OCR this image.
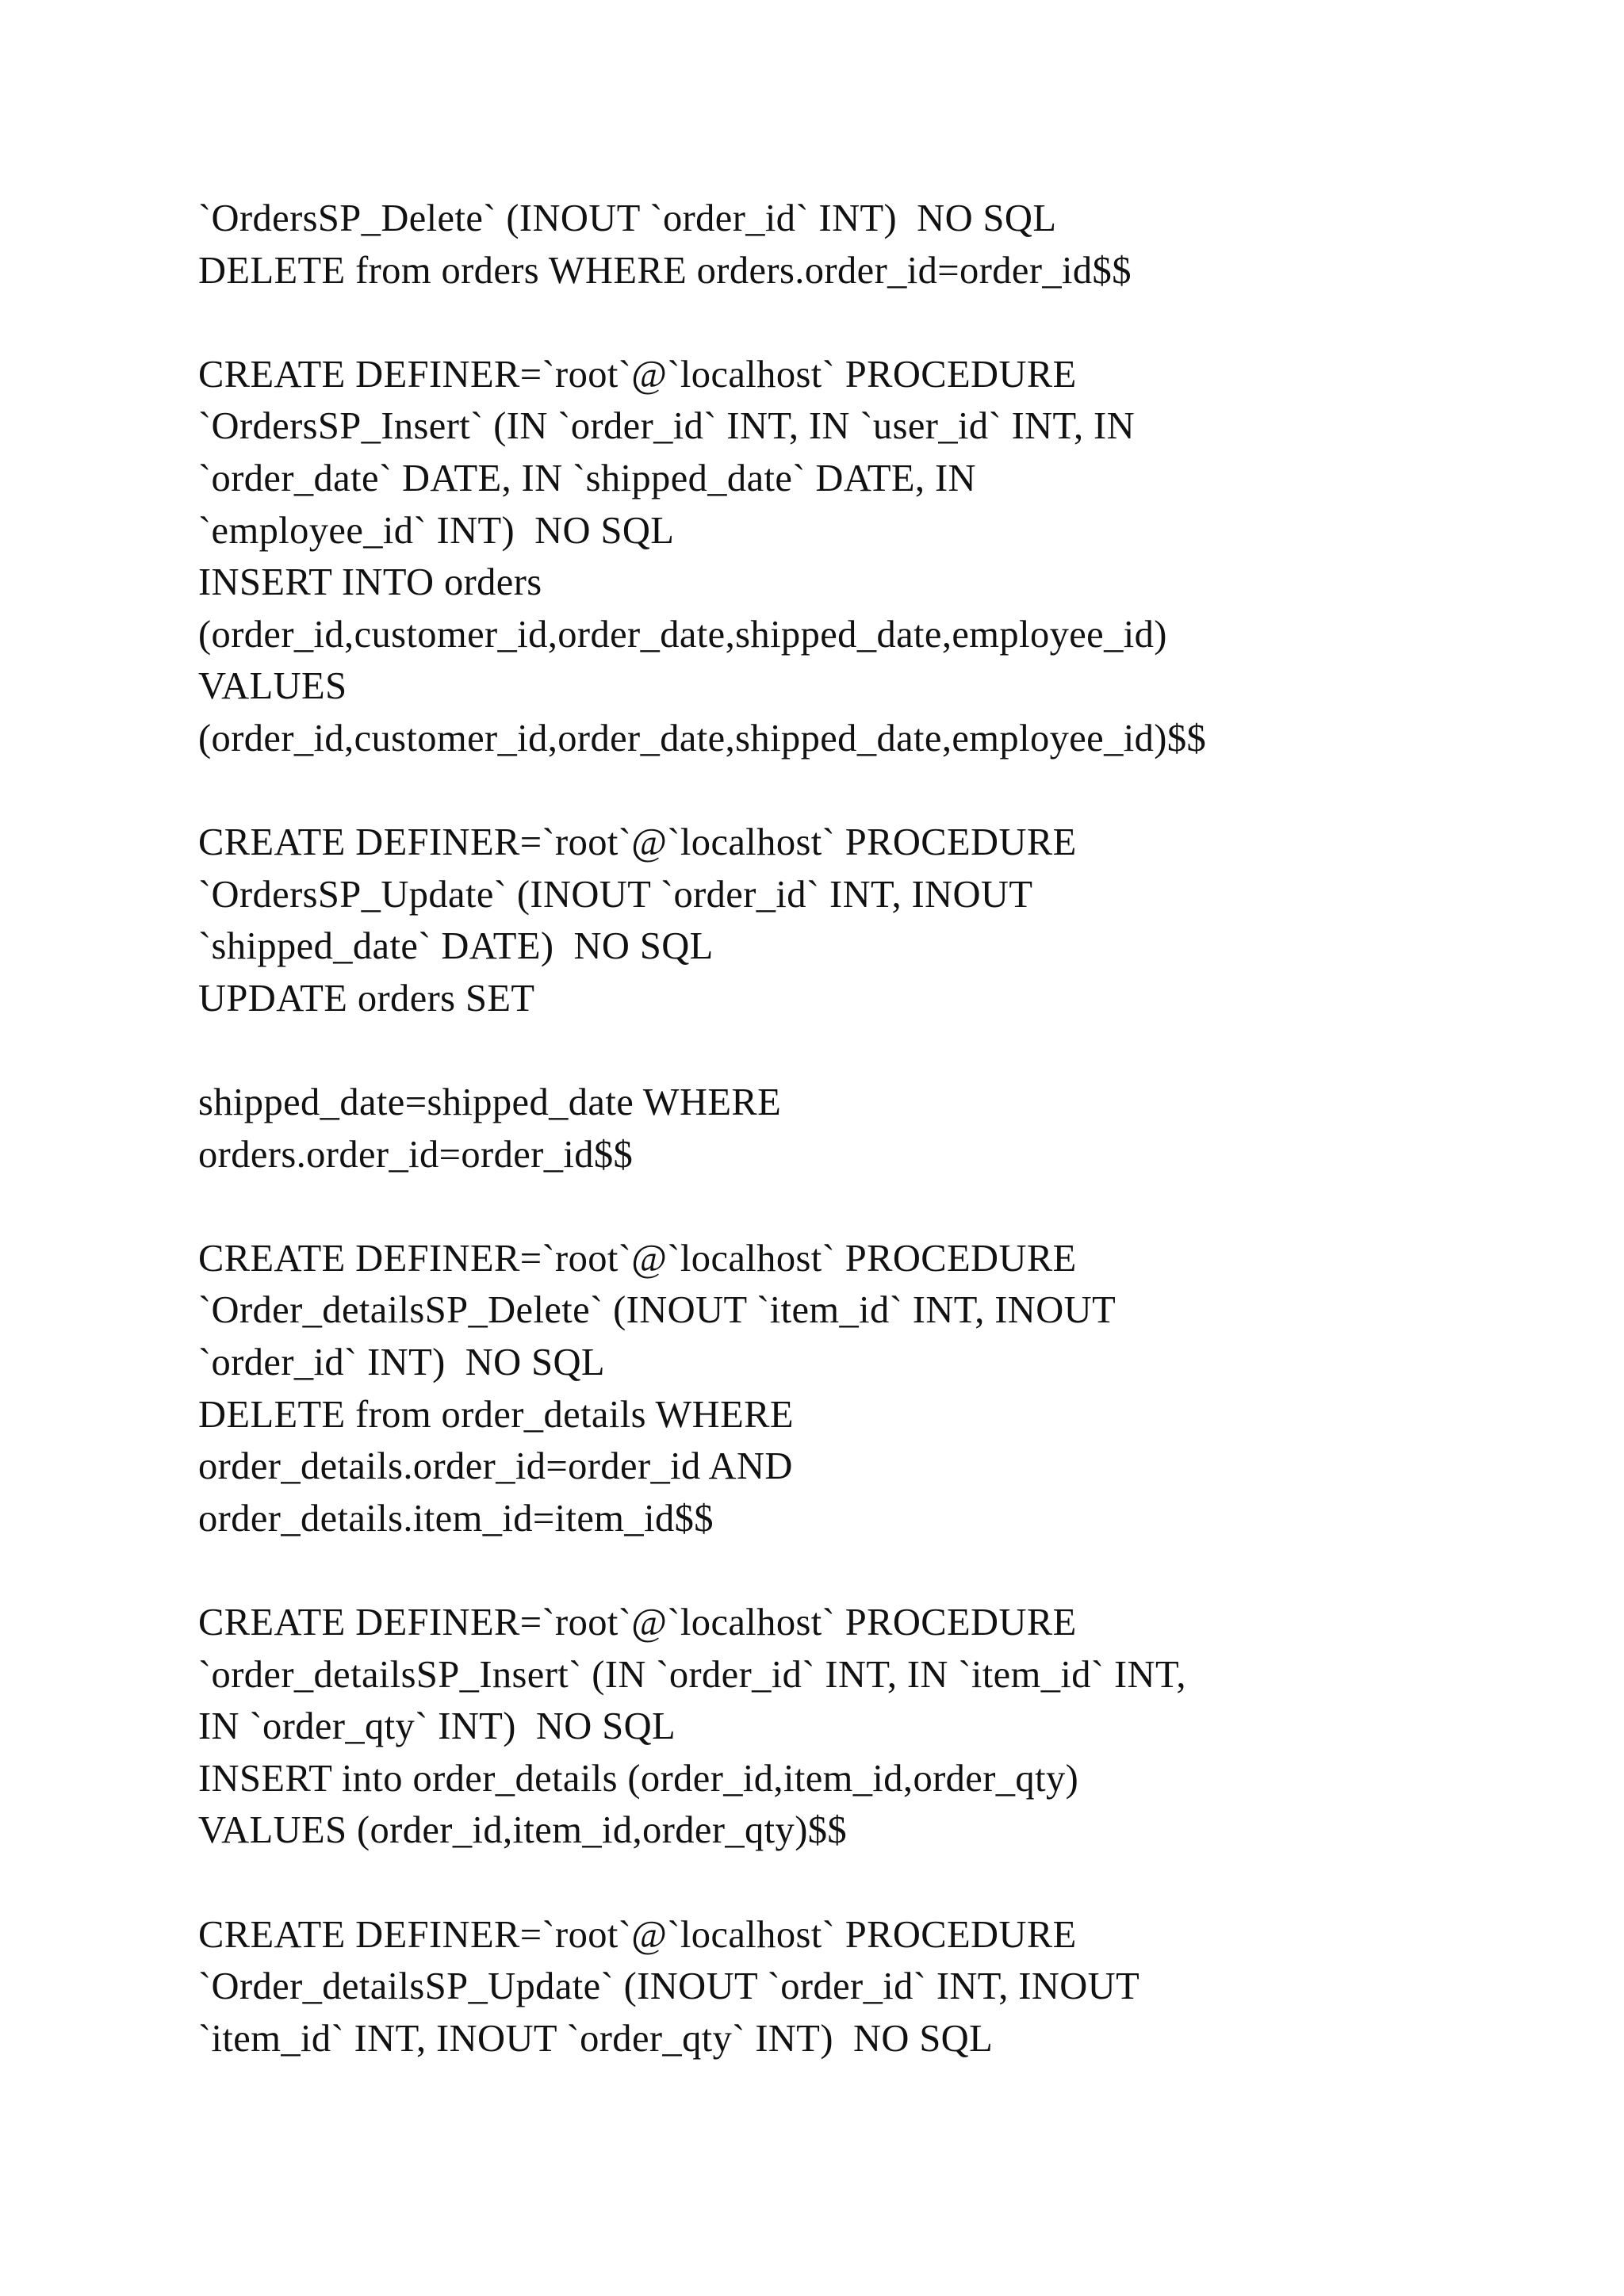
`OrdersSP_Delete` (INOUT `order_id` INT)  NO SQL
DELETE from orders WHERE orders.order_id=order_id$$
CREATE DEFINER=`root`@`localhost` PROCEDURE
`OrdersSP_Insert` (IN `order_id` INT, IN `user_id` INT, IN
`order_date` DATE, IN `shipped_date` DATE, IN
`employee_id` INT)  NO SQL
INSERT INTO orders
(order_id,customer_id,order_date,shipped_date,employee_id)
VALUES
(order_id,customer_id,order_date,shipped_date,employee_id)$$
CREATE DEFINER=`root`@`localhost` PROCEDURE
`OrdersSP_Update` (INOUT `order_id` INT, INOUT
`shipped_date` DATE)  NO SQL
UPDATE orders SET
shipped_date=shipped_date WHERE
orders.order_id=order_id$$
CREATE DEFINER=`root`@`localhost` PROCEDURE
`Order_detailsSP_Delete` (INOUT `item_id` INT, INOUT
`order_id` INT)  NO SQL
DELETE from order_details WHERE
order_details.order_id=order_id AND
order_details.item_id=item_id$$
CREATE DEFINER=`root`@`localhost` PROCEDURE
`order_detailsSP_Insert` (IN `order_id` INT, IN `item_id` INT,
IN `order_qty` INT)  NO SQL
INSERT into order_details (order_id,item_id,order_qty)
VALUES (order_id,item_id,order_qty)$$
CREATE DEFINER=`root`@`localhost` PROCEDURE
`Order_detailsSP_Update` (INOUT `order_id` INT, INOUT
`item_id` INT, INOUT `order_qty` INT)  NO SQL
